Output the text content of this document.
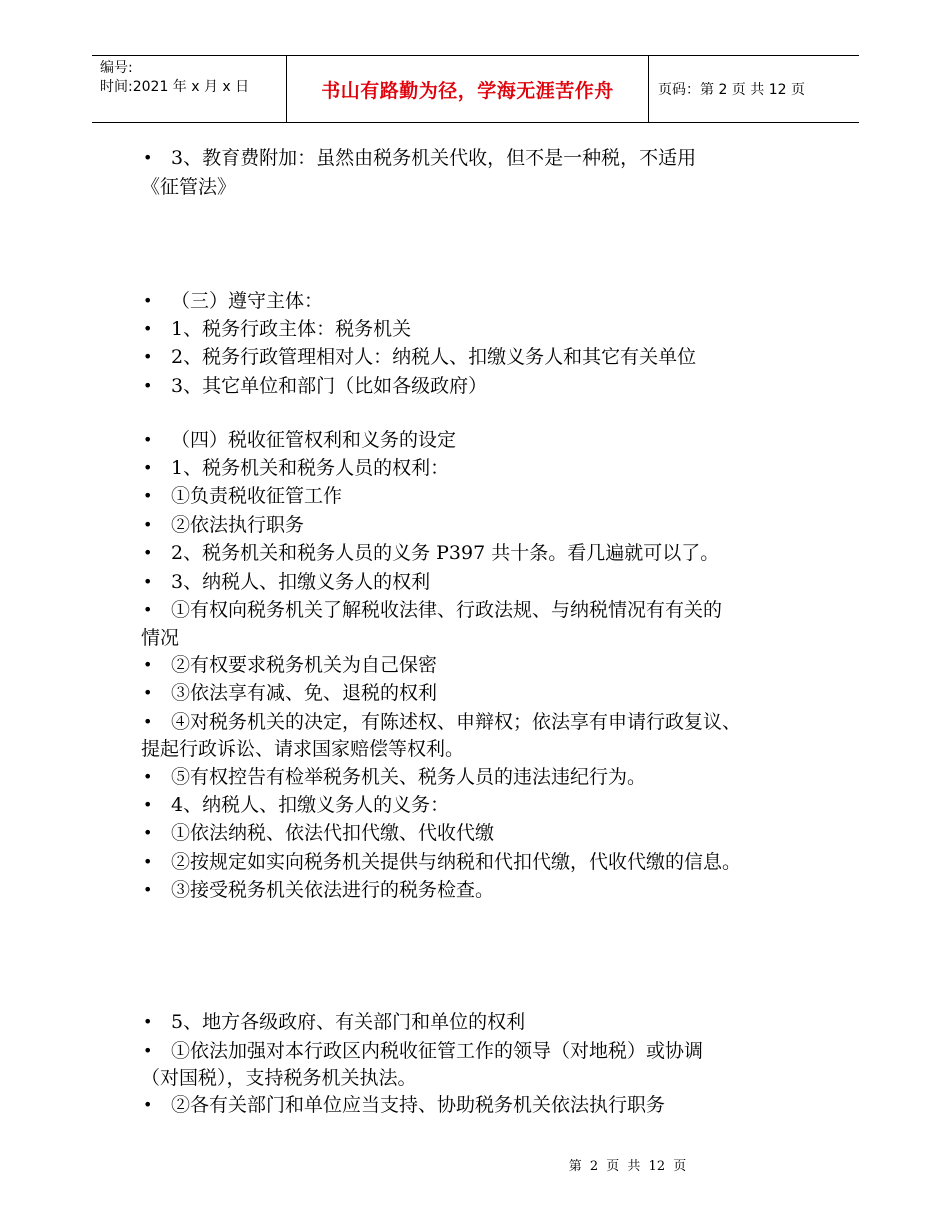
编号:
时间:2021 年 x 月 x 日	书山有路勤为径，学海无涯苦作舟	页码：第 2 页 共 12 页
• 3、教育费附加：虽然由税务机关代收，但不是一种税，不适用
《征管法》
• （三）遵守主体：
• 1、税务行政主体：税务机关
• 2、税务行政管理相对人：纳税人、扣缴义务人和其它有关单位
• 3、其它单位和部门（比如各级政府）
• （四）税收征管权利和义务的设定
• 1、税务机关和税务人员的权利：
• ①负责税收征管工作
• ②依法执行职务
• 2、税务机关和税务人员的义务 P397 共十条。看几遍就可以了。
• 3、纳税人、扣缴义务人的权利
• ①有权向税务机关了解税收法律、行政法规、与纳税情况有有关的
情况
• ②有权要求税务机关为自己保密
• ③依法享有减、免、退税的权利
• ④对税务机关的决定，有陈述权、申辩权；依法享有申请行政复议、
提起行政诉讼、请求国家赔偿等权利。
• ⑤有权控告有检举税务机关、税务人员的违法违纪行为。
• 4、纳税人、扣缴义务人的义务：
• ①依法纳税、依法代扣代缴、代收代缴
• ②按规定如实向税务机关提供与纳税和代扣代缴，代收代缴的信息。
• ③接受税务机关依法进行的税务检查。
• 5、地方各级政府、有关部门和单位的权利
• ①依法加强对本行政区内税收征管工作的领导（对地税）或协调
（对国税），支持税务机关执法。
• ②各有关部门和单位应当支持、协助税务机关依法执行职务
第 2 页 共 12 页
